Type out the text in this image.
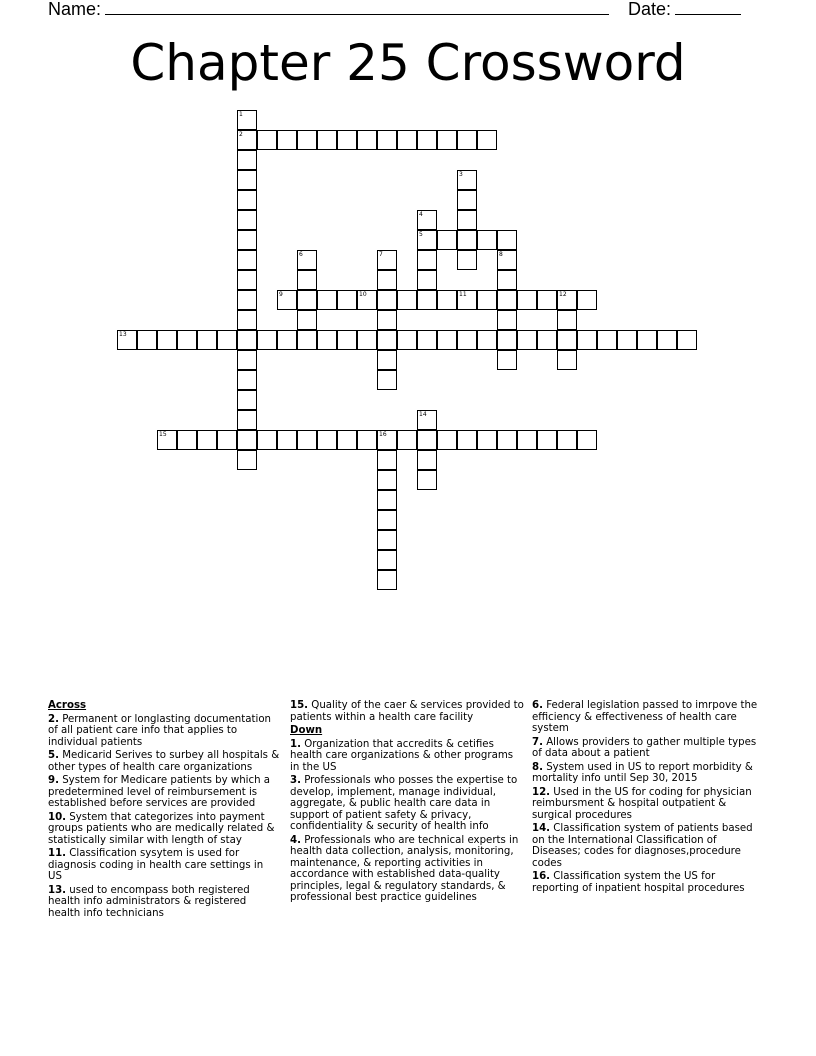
Name:	Date:
Chapter 25 Crossword
1
2
3
4
5
6	7	8
9	10	11	12
13
14
15	16
Across
2. Permanent or longlasting documentation of all patient care info that applies to individual patients
5. Medicarid Serives to surbey all hospitals & other types of health care organizations
9. System for Medicare patients by which a predetermined level of reimbursement is established before services are provided
10. System that categorizes into payment groups patients who are medically related & statistically similar with length of stay
11. Classification sysytem is used for diagnosis coding in health care settings in US
13. used to encompass both registered health info administrators & registered health info technicians
15. Quality of the caer & services provided to patients within a health care facility
Down
1. Organization that accredits & cetifies health care organizations & other programs in the US
3. Professionals who posses the expertise to develop, implement, manage individual, aggregate, & public health care data in support of patient safety & privacy, confidentiality & security of health info
4. Professionals who are technical experts in health data collection, analysis, monitoring, maintenance, & reporting activities in accordance with established data-quality principles, legal & regulatory standards, & professional best practice guidelines
6. Federal legislation passed to imrpove the efficiency & effectiveness of health care system
7. Allows providers to gather multiple types of data about a patient
8. System used in US to report morbidity & mortality info until Sep 30, 2015
12. Used in the US for coding for physician reimbursment & hospital outpatient & surgical procedures
14. Classification system of patients based on the International Classification of Diseases; codes for diagnoses,procedure codes
16. Classification system the US for reporting of inpatient hospital procedures
